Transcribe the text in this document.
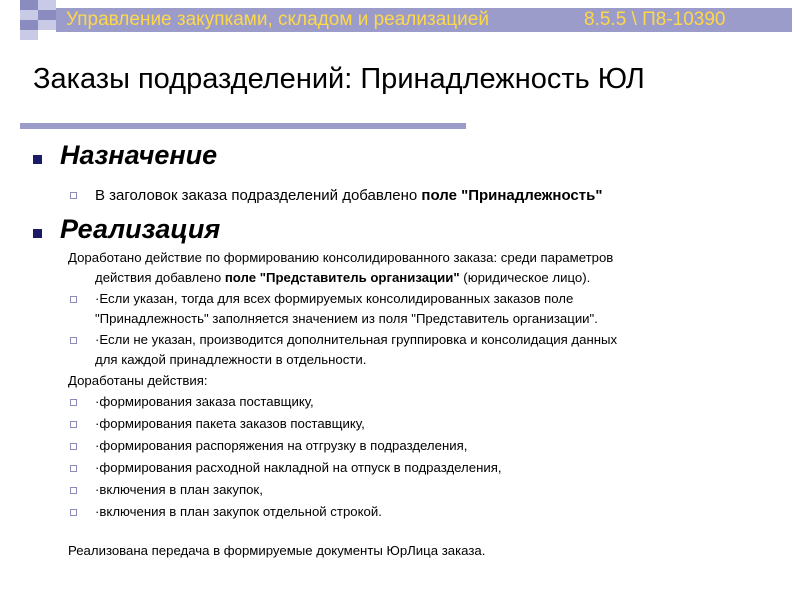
Управление закупками, складом и реализацией	8.5.5 \ П8-10390
Заказы подразделений: Принадлежность ЮЛ
Назначение
В заголовок заказа подразделений добавлено поле "Принадлежность"
Реализация
Доработано действие по формированию консолидированного заказа: среди параметров
действия добавлено поле "Представитель организации" (юридическое лицо).
·Если указан, тогда для всех формируемых консолидированных заказов поле
"Принадлежность" заполняется значением из поля "Представитель организации".
·Если не указан, производится дополнительная группировка и консолидация данных
для каждой принадлежности в отдельности.
Доработаны действия:
·формирования заказа поставщику,
·формирования пакета заказов поставщику,
·формирования распоряжения на отгрузку в подразделения,
·формирования расходной накладной на отпуск в подразделения,
·включения в план закупок,
·включения в план закупок отдельной строкой.
Реализована передача в формируемые документы ЮрЛица заказа.
